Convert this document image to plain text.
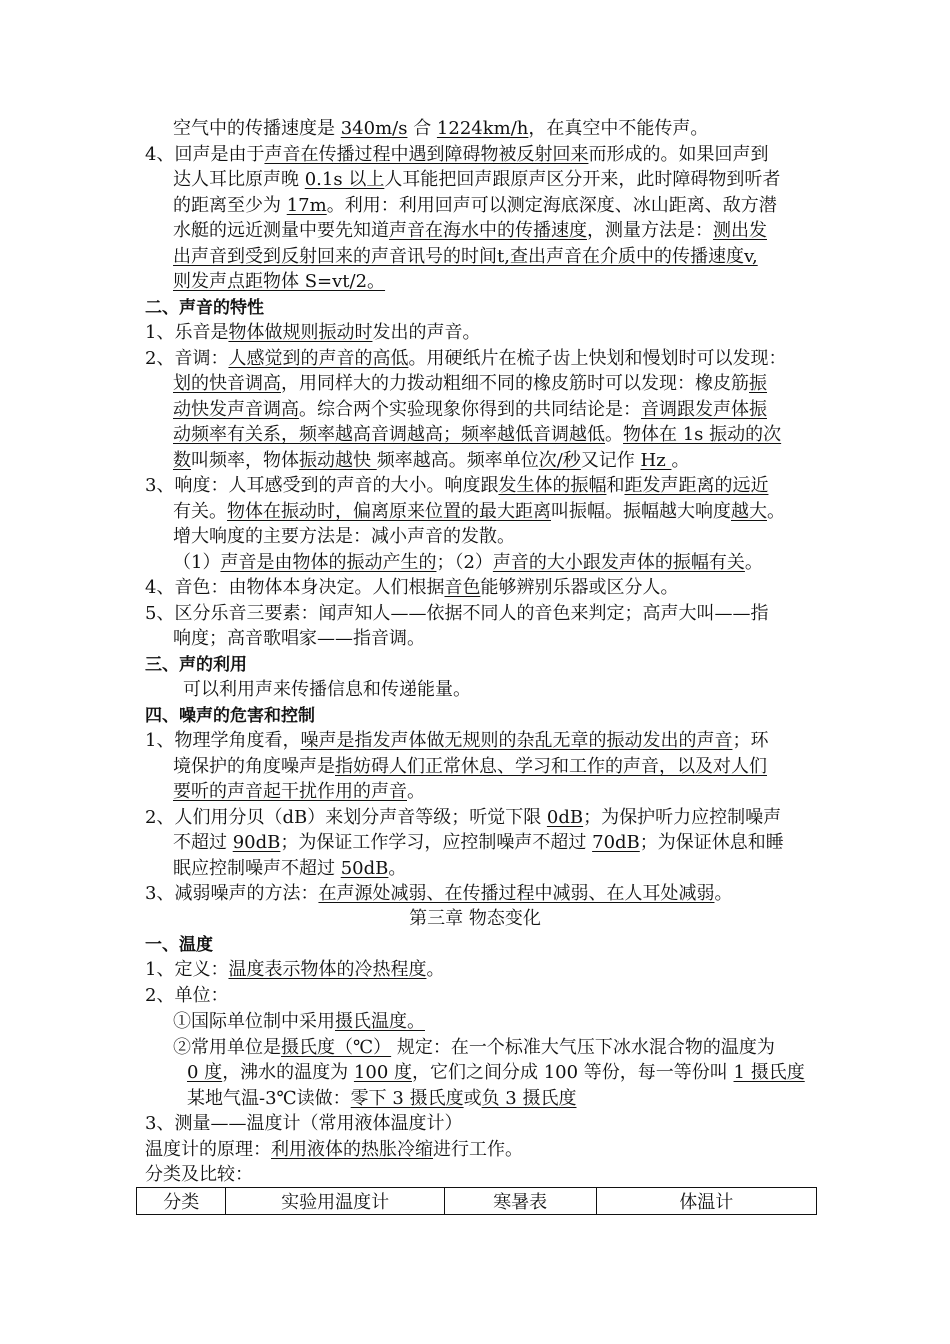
空气中的传播速度是 340m/s 合 1224km/h，在真空中不能传声。
4、回声是由于声音在传播过程中遇到障碍物被反射回来而形成的。如果回声到
达人耳比原声晚 0.1s 以上人耳能把回声跟原声区分开来，此时障碍物到听者
的距离至少为 17m。利用：利用回声可以测定海底深度、冰山距离、敌方潜
水艇的远近测量中要先知道声音在海水中的传播速度，测量方法是：测出发
出声音到受到反射回来的声音讯号的时间t,查出声音在介质中的传播速度v,
则发声点距物体 S=vt/2。
二、声音的特性
1、乐音是物体做规则振动时发出的声音。
2、音调：人感觉到的声音的高低。用硬纸片在梳子齿上快划和慢划时可以发现：
划的快音调高，用同样大的力拨动粗细不同的橡皮筋时可以发现：橡皮筋振
动快发声音调高。综合两个实验现象你得到的共同结论是：音调跟发声体振
动频率有关系，频率越高音调越高；频率越低音调越低。物体在 1s 振动的次
数叫频率，物体振动越快 频率越高。频率单位次/秒又记作 Hz 。
3、响度：人耳感受到的声音的大小。响度跟发生体的振幅和距发声距离的远近
有关。物体在振动时，偏离原来位置的最大距离叫振幅。振幅越大响度越大。
增大响度的主要方法是：减小声音的发散。
（1）声音是由物体的振动产生的；（2）声音的大小跟发声体的振幅有关。
4、音色：由物体本身决定。人们根据音色能够辨别乐器或区分人。
5、区分乐音三要素：闻声知人——依据不同人的音色来判定；高声大叫——指
响度；高音歌唱家——指音调。
三、声的利用
可以利用声来传播信息和传递能量。
四、噪声的危害和控制
1、物理学角度看，噪声是指发声体做无规则的杂乱无章的振动发出的声音；环
境保护的角度噪声是指妨碍人们正常休息、学习和工作的声音，以及对人们
要听的声音起干扰作用的声音。
2、人们用分贝（dB）来划分声音等级；听觉下限 0dB；为保护听力应控制噪声
不超过 90dB；为保证工作学习，应控制噪声不超过 70dB；为保证休息和睡
眠应控制噪声不超过 50dB。
3、减弱噪声的方法：在声源处减弱、在传播过程中减弱、在人耳处减弱。
第三章 物态变化
一、温度
1、定义：温度表示物体的冷热程度。
2、单位：
①国际单位制中采用摄氏温度。
②常用单位是摄氏度（℃） 规定：在一个标准大气压下冰水混合物的温度为
0 度，沸水的温度为 100 度，它们之间分成 100 等份，每一等份叫 1 摄氏度
某地气温-3℃读做：零下 3 摄氏度或负 3 摄氏度
3、测量——温度计（常用液体温度计）
温度计的原理：利用液体的热胀冷缩进行工作。
分类及比较：
分类	实验用温度计	寒暑表	体温计
